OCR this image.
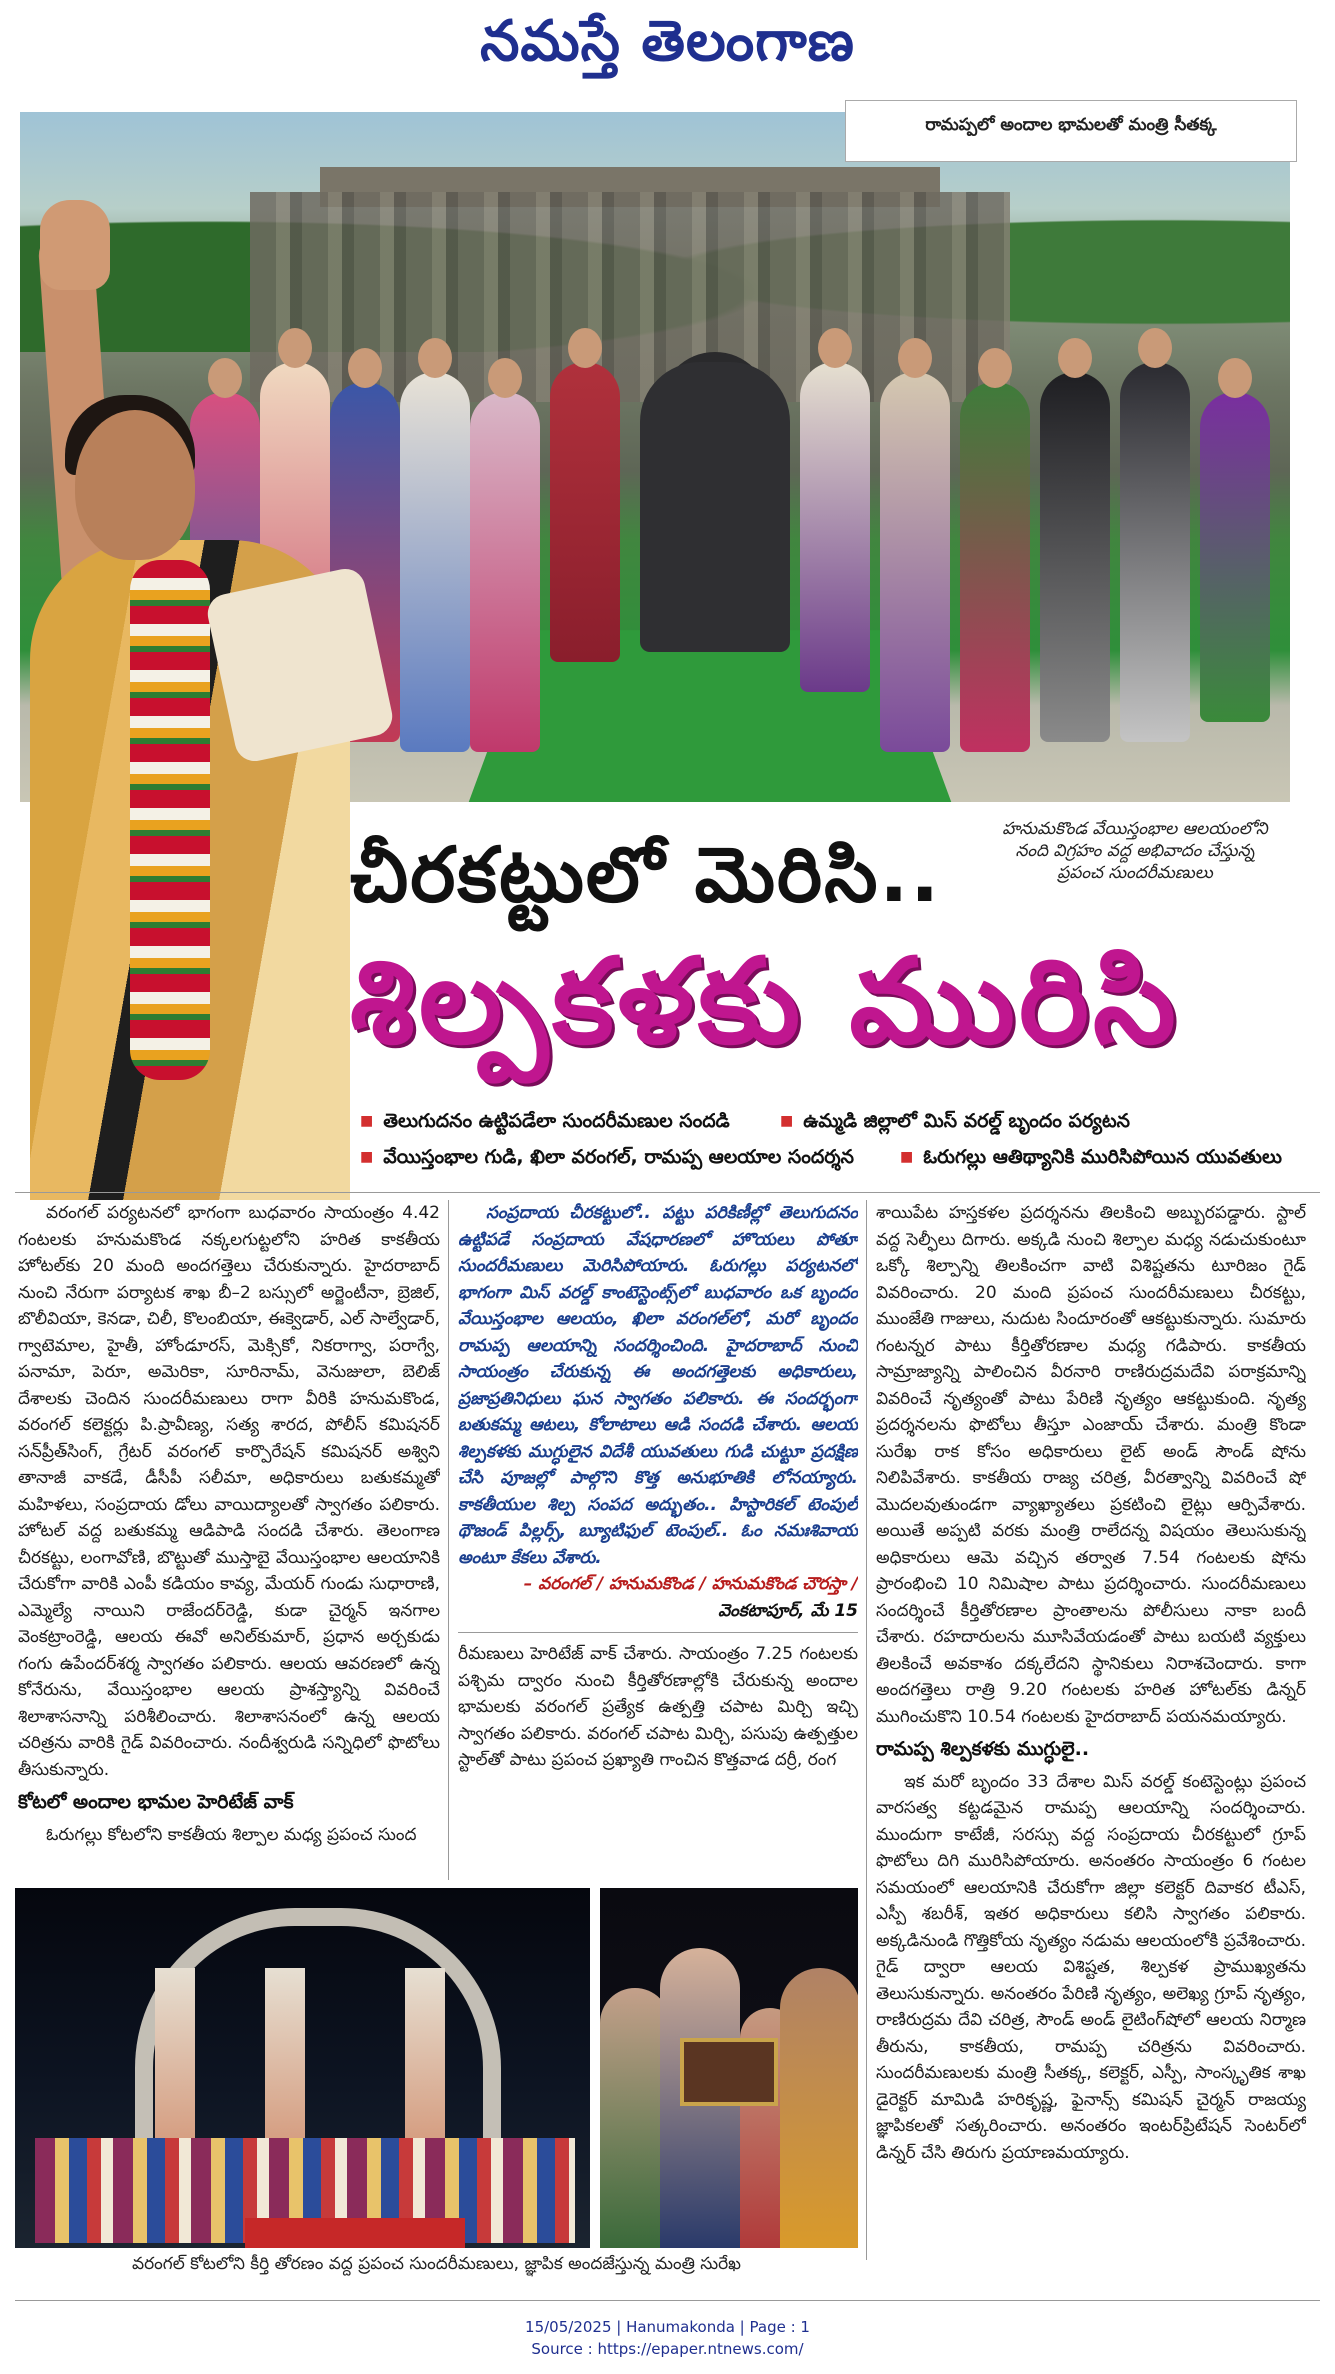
నమస్తే తెలంగాణ
రామప్పలో అందాల భామలతో మంత్రి సీతక్క
హనుమకొండ వేయిస్తంభాల ఆలయంలోని
నంది విగ్రహం వద్ద అభివాదం చేస్తున్న
ప్రపంచ సుందరీమణులు
చీరకట్టులో మెరిసి..
శిల్పకళకు మురిసి
■ తెలుగుదనం ఉట్టిపడేలా సుందరీమణుల సందడి	■ ఉమ్మడి జిల్లాలో మిస్ వరల్డ్ బృందం పర్యటన
■ వేయిస్తంభాల గుడి, ఖిలా వరంగల్, రామప్ప ఆలయాల సందర్శన	■ ఓరుగల్లు ఆతిథ్యానికి మురిసిపోయిన యువతులు

వరంగల్ పర్యటనలో భాగంగా బుధవారం సాయంత్రం 4.42 గంటలకు హనుమకొండ నక్కలగుట్టలోని హరిత కాకతీయ హోటల్‌కు 20 మంది అందగత్తెలు చేరుకున్నారు. హైదరాబాద్ నుంచి నేరుగా పర్యాటక శాఖ బీ–2 బస్సులో అర్జెంటీనా, బ్రెజిల్, బొలీవియా, కెనడా, చిలీ, కొలంబియా, ఈక్వెడార్, ఎల్ సాల్వేడార్, గ్వాటెమాల, హైతీ, హోండూరస్, మెక్సికో, నికరాగ్వా, పరాగ్వే, పనామా, పెరూ, అమెరికా, సూరినామ్, వెనుజులా, బెలిజ్ దేశాలకు చెందిన సుందరీమణులు రాగా వీరికి హనుమకొండ, వరంగల్ కలెక్టర్లు పి.ప్రావీణ్య, సత్య శారద, పోలీస్ కమిషనర్ సన్‌ప్రీత్‌సింగ్, గ్రేటర్ వరంగల్ కార్పొరేషన్ కమిషనర్ అశ్విని తానాజీ వాకడే, డీసీపీ సలీమా, అధికారులు బతుకమ్మతో మహిళలు, సంప్రదాయ డోలు వాయిద్యాలతో స్వాగతం పలికారు. హోటల్ వద్ద బతుకమ్మ ఆడిపాడి సందడి చేశారు. తెలంగాణ చీరకట్టు, లంగావోణి, బొట్టుతో ముస్తాబై వేయిస్తంభాల ఆలయానికి చేరుకోగా వారికి ఎంపీ కడియం కావ్య, మేయర్ గుండు సుధారాణి, ఎమ్మెల్యే నాయిని రాజేందర్‌రెడ్డి, కుడా చైర్మన్ ఇనగాల వెంకట్రాంరెడ్డి, ఆలయ ఈవో అనిల్‌కుమార్, ప్రధాన అర్చకుడు గంగు ఉపేందర్‌శర్మ స్వాగతం పలికారు. ఆలయ ఆవరణలో ఉన్న కోనేరును, వేయిస్తంభాల ఆలయ ప్రాశస్త్యాన్ని వివరించే శిలాశాసనాన్ని పరిశీలించారు. శిలాశాసనంలో ఉన్న ఆలయ చరిత్రను వారికి గైడ్ వివరించారు. నందీశ్వరుడి సన్నిధిలో ఫొటోలు తీసుకున్నారు.

కోటలో అందాల భామల హెరిటేజ్ వాక్

ఓరుగల్లు కోటలోని కాకతీయ శిల్పాల మధ్య ప్రపంచ సుంద

సంప్రదాయ చీరకట్టులో.. పట్టు పరికిణీల్లో తెలుగుదనం ఉట్టిపడే సంప్రదాయ వేషధారణలో హొయలు పోతూ సుందరీమణులు మెరిసిపోయారు. ఓరుగల్లు పర్యటనలో భాగంగా మిస్ వరల్డ్ కాంటెస్టెంట్స్‌లో బుధవారం ఒక బృందం వేయిస్తంభాల ఆలయం, ఖిలా వరంగల్‌లో, మరో బృందం రామప్ప ఆలయాన్ని సందర్శించింది. హైదరాబాద్ నుంచి సాయంత్రం చేరుకున్న ఈ అందగత్తెలకు అధికారులు, ప్రజాప్రతినిధులు ఘన స్వాగతం పలికారు. ఈ సందర్భంగా బతుకమ్మ ఆటలు, కోలాటాలు ఆడి సందడి చేశారు. ఆలయ శిల్పకళకు ముగ్ధులైన విదేశీ యువతులు గుడి చుట్టూ ప్రదక్షిణ చేసి పూజల్లో పాల్గొని కొత్త అనుభూతికి లోనయ్యారు. కాకతీయుల శిల్ప సంపద అద్భుతం.. హిస్టారికల్ టెంపుల్ థౌజండ్ పిల్లర్స్, బ్యూటిఫుల్ టెంపుల్.. ఓం నమఃశివాయ అంటూ కేకలు వేశారు.

– వరంగల్ / హనుమకొండ / హనుమకొండ చౌరస్తా /
వెంకటాపూర్, మే 15

రీమణులు హెరిటేజ్ వాక్ చేశారు. సాయంత్రం 7.25 గంటలకు పశ్చిమ ద్వారం నుంచి కీర్తితోరణాల్లోకి చేరుకున్న అందాల భామలకు వరంగల్ ప్రత్యేక ఉత్పత్తి చపాట మిర్చి ఇచ్చి స్వాగతం పలికారు. వరంగల్ చపాట మిర్చి, పసుపు ఉత్పత్తుల స్టాల్‌తో పాటు ప్రపంచ ప్రఖ్యాతి గాంచిన కొత్తవాడ దర్రీ, రంగ

శాయిపేట హస్తకళల ప్రదర్శనను తిలకించి అబ్బురపడ్డారు. స్టాల్ వద్ద సెల్ఫీలు దిగారు. అక్కడి నుంచి శిల్పాల మధ్య నడుచుకుంటూ ఒక్కో శిల్పాన్ని తిలకించగా వాటి విశిష్టతను టూరిజం గైడ్ వివరించారు. 20 మంది ప్రపంచ సుందరీమణులు చీరకట్టు, ముంజేతి గాజులు, నుదుట సిందూరంతో ఆకట్టుకున్నారు. సుమారు గంటన్నర పాటు కీర్తితోరణాల మధ్య గడిపారు. కాకతీయ సామ్రాజ్యాన్ని పాలించిన వీరనారి రాణిరుద్రమదేవి పరాక్రమాన్ని వివరించే నృత్యంతో పాటు పేరిణి నృత్యం ఆకట్టుకుంది. నృత్య ప్రదర్శనలను ఫొటోలు తీస్తూ ఎంజాయ్ చేశారు. మంత్రి కొండా సురేఖ రాక కోసం అధికారులు లైట్ అండ్ సౌండ్ షోను నిలిపివేశారు. కాకతీయ రాజ్య చరిత్ర, వీరత్వాన్ని వివరించే షో మొదలవుతుండగా వ్యాఖ్యాతలు ప్రకటించి లైట్లు ఆర్పివేశారు. అయితే అప్పటి వరకు మంత్రి రాలేదన్న విషయం తెలుసుకున్న అధికారులు ఆమె వచ్చిన తర్వాత 7.54 గంటలకు షోను ప్రారంభించి 10 నిమిషాల పాటు ప్రదర్శించారు. సుందరీమణులు సందర్శించే కీర్తితోరణాల ప్రాంతాలను పోలీసులు నాకా బందీ చేశారు. రహదారులను మూసివేయడంతో పాటు బయటి వ్యక్తులు తిలకించే అవకాశం దక్కలేదని స్థానికులు నిరాశచెందారు. కాగా అందగత్తెలు రాత్రి 9.20 గంటలకు హరిత హోటల్‌కు డిన్నర్ ముగించుకొని 10.54 గంటలకు హైదరాబాద్ పయనమయ్యారు.

రామప్ప శిల్పకళకు ముగ్ధులై..

ఇక మరో బృందం 33 దేశాల మిస్ వరల్డ్ కంటెస్టెంట్లు ప్రపంచ వారసత్వ కట్టడమైన రామప్ప ఆలయాన్ని సందర్శించారు. ముందుగా కాటేజీ, సరస్సు వద్ద సంప్రదాయ చీరకట్టులో గ్రూప్ ఫొటోలు దిగి మురిసిపోయారు. అనంతరం సాయంత్రం 6 గంటల సమయంలో ఆలయానికి చేరుకోగా జిల్లా కలెక్టర్ దివాకర టీఎస్, ఎస్పీ శబరీశ్, ఇతర అధికారులు కలిసి స్వాగతం పలికారు. అక్కడినుండి గొత్తికోయ నృత్యం నడుమ ఆలయంలోకి ప్రవేశించారు. గైడ్ ద్వారా ఆలయ విశిష్టత, శిల్పకళ ప్రాముఖ్యతను తెలుసుకున్నారు. అనంతరం పేరిణి నృత్యం, అలెఖ్య గ్రూప్ నృత్యం, రాణిరుద్రమ దేవి చరిత్ర, సౌండ్ అండ్ లైటింగ్‌షోలో ఆలయ నిర్మాణ తీరును, కాకతీయ, రామప్ప చరిత్రను వివరించారు. సుందరీమణులకు మంత్రి సీతక్క, కలెక్టర్, ఎస్పీ, సాంస్కృతిక శాఖ డైరెక్టర్ మామిడి హరికృష్ణ, ఫైనాన్స్ కమిషన్ చైర్మన్ రాజయ్య జ్ఞాపికలతో సత్కరించారు. అనంతరం ఇంటర్‌ప్రిటేషన్ సెంటర్‌లో డిన్నర్ చేసి తిరుగు ప్రయాణమయ్యారు.

వరంగల్ కోటలోని కీర్తి తోరణం వద్ద ప్రపంచ సుందరీమణులు, జ్ఞాపిక అందజేస్తున్న మంత్రి సురేఖ
15/05/2025 | Hanumakonda | Page : 1
Source : https://epaper.ntnews.com/
